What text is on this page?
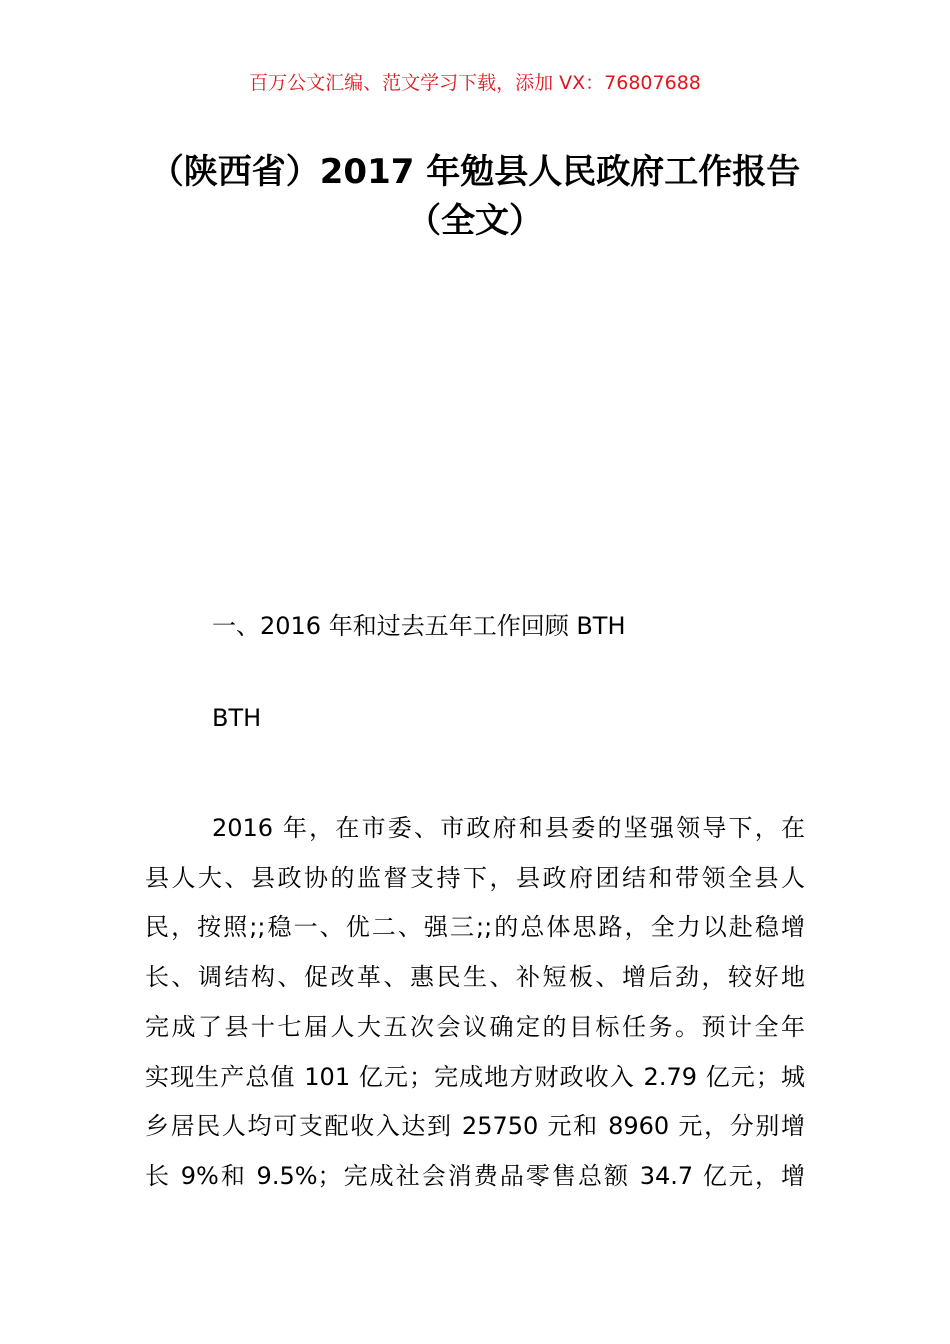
百万公文汇编、范文学习下载，添加 VX：76807688
（陕西省）2017 年勉县人民政府工作报告
（全文）
一、2016 年和过去五年工作回顾 BTH
BTH
2016 年，在市委、市政府和县委的坚强领导下，在
县人大、县政协的监督支持下，县政府团结和带领全县人
民，按照;;稳一、优二、强三;;的总体思路，全力以赴稳增
长、调结构、促改革、惠民生、补短板、增后劲，较好地
完成了县十七届人大五次会议确定的目标任务。预计全年
实现生产总值 101 亿元；完成地方财政收入 2.79 亿元；城
乡居民人均可支配收入达到 25750 元和 8960 元，分别增
长 9%和 9.5%；完成社会消费品零售总额 34.7 亿元，增
